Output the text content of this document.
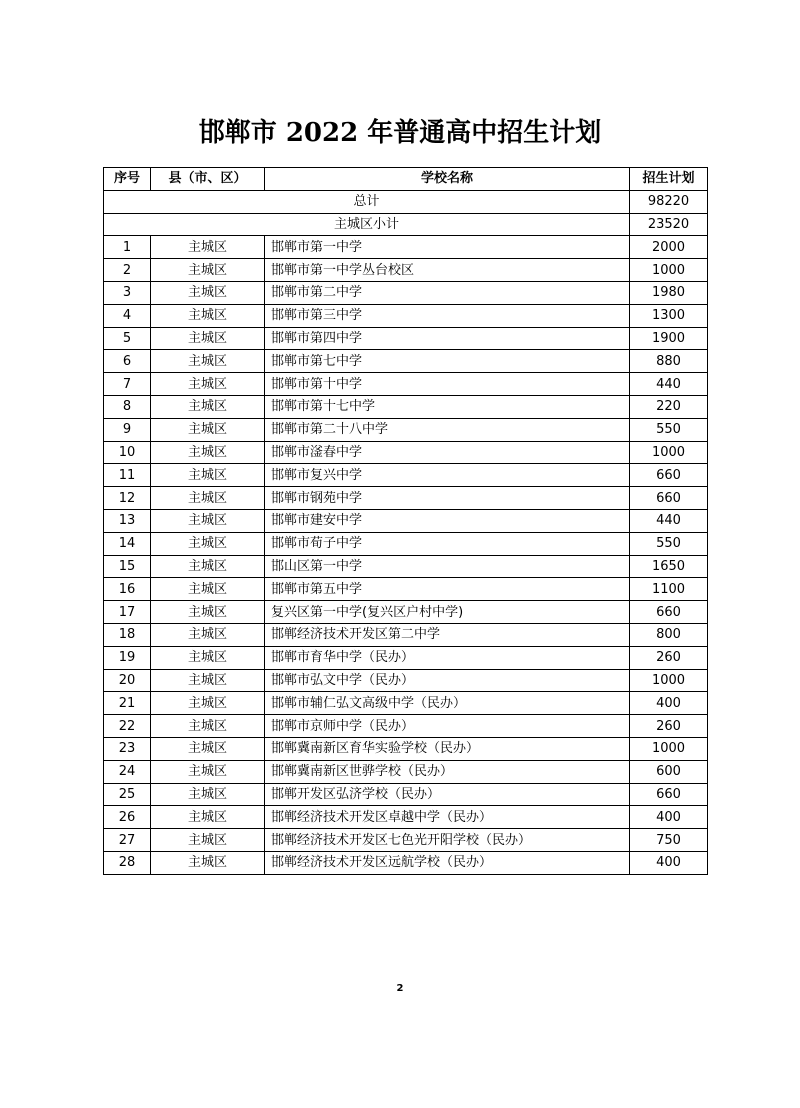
邯郸市 2022 年普通高中招生计划
序号	县（市、区）	学校名称	招生计划
总计			98220
主城区小计			23520
1	主城区	邯郸市第一中学	2000
2	主城区	邯郸市第一中学丛台校区	1000
3	主城区	邯郸市第二中学	1980
4	主城区	邯郸市第三中学	1300
5	主城区	邯郸市第四中学	1900
6	主城区	邯郸市第七中学	880
7	主城区	邯郸市第十中学	440
8	主城区	邯郸市第十七中学	220
9	主城区	邯郸市第二十八中学	550
10	主城区	邯郸市滏春中学	1000
11	主城区	邯郸市复兴中学	660
12	主城区	邯郸市钢苑中学	660
13	主城区	邯郸市建安中学	440
14	主城区	邯郸市荀子中学	550
15	主城区	邯山区第一中学	1650
16	主城区	邯郸市第五中学	1100
17	主城区	复兴区第一中学(复兴区户村中学)	660
18	主城区	邯郸经济技术开发区第二中学	800
19	主城区	邯郸市育华中学（民办）	260
20	主城区	邯郸市弘文中学（民办）	1000
21	主城区	邯郸市辅仁弘文高级中学（民办）	400
22	主城区	邯郸市京师中学（民办）	260
23	主城区	邯郸冀南新区育华实验学校（民办）	1000
24	主城区	邯郸冀南新区世骅学校（民办）	600
25	主城区	邯郸开发区弘济学校（民办）	660
26	主城区	邯郸经济技术开发区卓越中学（民办）	400
27	主城区	邯郸经济技术开发区七色光开阳学校（民办）	750
28	主城区	邯郸经济技术开发区远航学校（民办）	400
2
